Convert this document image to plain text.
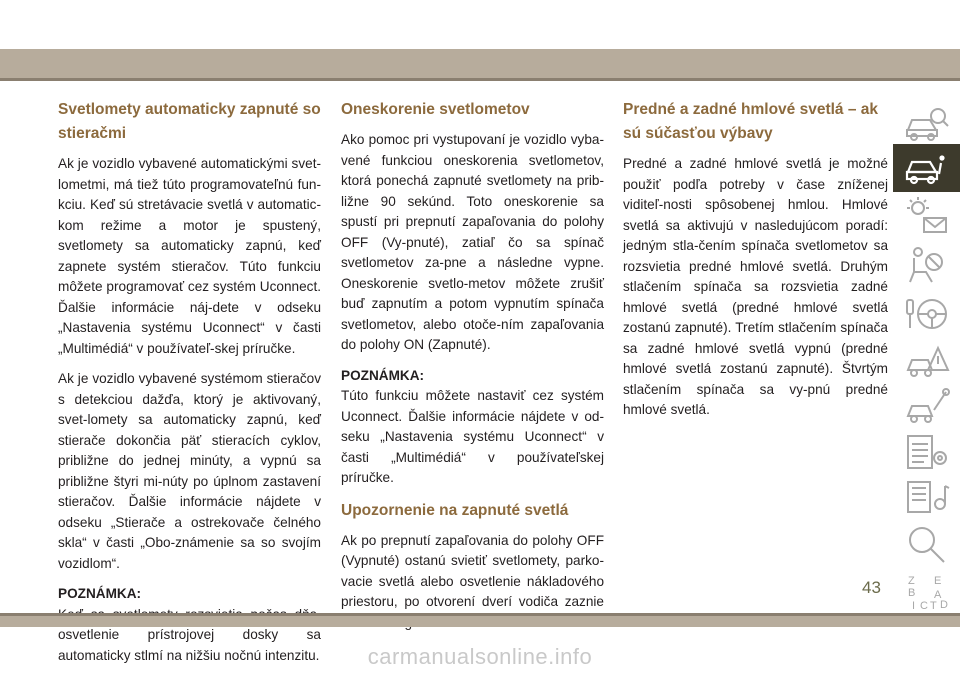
Svetlomety automaticky zapnuté so stieračmi

Ak je vozidlo vybavené automatickými svet-lometmi, má tiež túto programovateľnú fun-kciu. Keď sú stretávacie svetlá v automatic-kom režime a motor je spustený, svetlomety sa automaticky zapnú, keď zapnete systém stieračov. Túto funkciu môžete programovať cez systém Uconnect. Ďalšie informácie náj-dete v odseku „Nastavenia systému Uconnect“ v časti „Multimédiá“ v používateľ-skej príručke.

Ak je vozidlo vybavené systémom stieračov s detekciou dažďa, ktorý je aktivovaný, svet-lomety sa automaticky zapnú, keď stierače dokončia päť stieracích cyklov, približne do jednej minúty, a vypnú sa približne štyri mi-núty po úplnom zastavení stieračov. Ďalšie informácie nájdete v odseku „Stierače a ostrekovače čelného skla“ v časti „Obo-známenie sa so svojím vozidlom“.

POZNÁMKA:

osvetlenie prístrojovej dosky sa automaticky stlmí na nižšiu nočnú intenzitu.

Oneskorenie svetlometov

Ako pomoc pri vystupovaní je vozidlo vyba-vené funkciou oneskorenia svetlometov, ktorá ponechá zapnuté svetlomety na prib-ližne 90 sekúnd. Toto oneskorenie sa spustí pri prepnutí zapaľovania do polohy OFF (Vy-pnuté), zatiaľ čo sa spínač svetlometov za-pne a následne vypne. Oneskorenie svetlo-metov môžete zrušiť buď zapnutím a potom vypnutím spínača svetlometov, alebo otoče-ním zapaľovania do polohy ON (Zapnuté).

POZNÁMKA:

Túto funkciu môžete nastaviť cez systém Uconnect. Ďalšie informácie nájdete v od-seku „Nastavenia systému Uconnect“ v časti „Multimédiá“ v používateľskej príručke.

Upozornenie na zapnuté svetlá

Ak po prepnutí zapaľovania do polohy OFF (Vypnuté) ostanú svietiť svetlomety, parko-vacie svetlá alebo osvetlenie nákladového priestoru, po otvorení dverí vodiča zaznie

Predné a zadné hmlové svetlá – ak sú súčasťou výbavy

Predné a zadné hmlové svetlá je možné použiť podľa potreby v čase zníženej viditeľ-nosti spôsobenej hmlou. Hmlové svetlá sa aktivujú v nasledujúcom poradí: jedným stla-čením spínača svetlometov sa rozsvietia predné hmlové svetlá. Druhým stlačením spínača sa rozsvietia zadné hmlové svetlá (predné hmlové svetlá zostanú zapnuté). Tretím stlačením spínača sa zadné hmlové svetlá vypnú (predné hmlové svetlá zostanú zapnuté). Štvrtým stlačením spínača sa vy-pnú predné hmlové svetlá.

Z E
B A
I C T D
43
carmanualsonline.info
